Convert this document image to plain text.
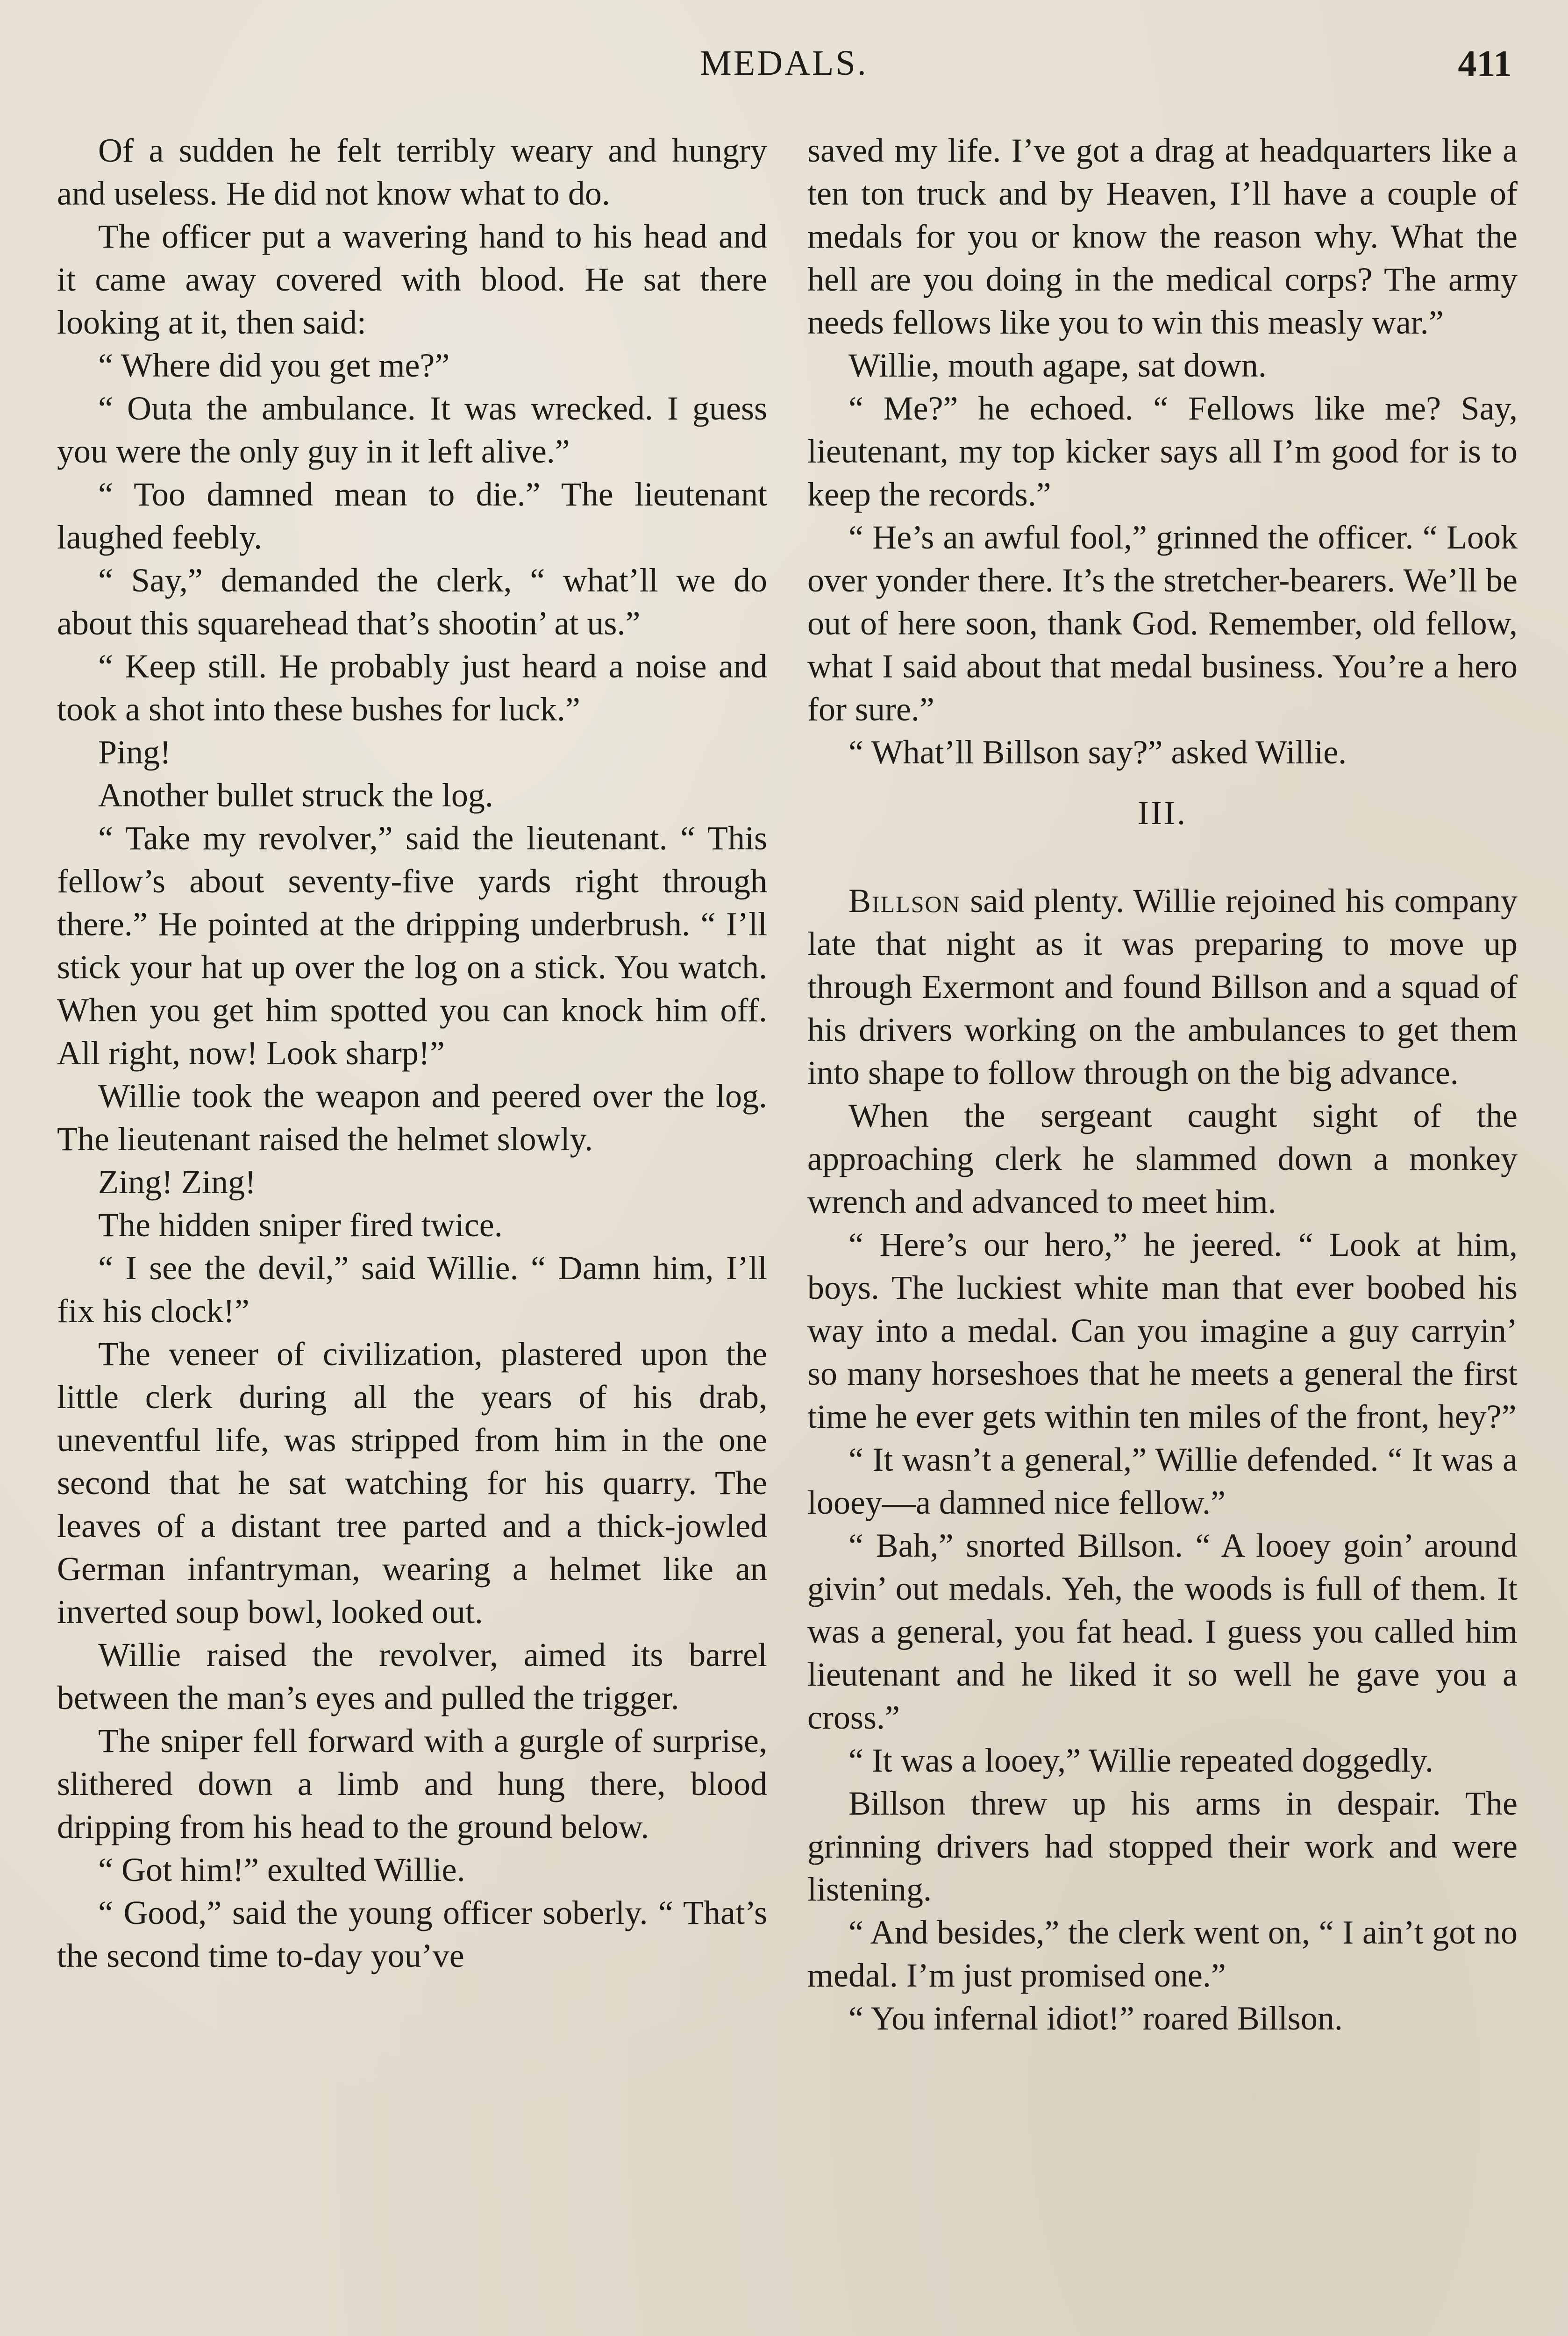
MEDALS.	411

Of a sudden he felt terribly weary and hungry and useless. He did not know what to do.

The officer put a wavering hand to his head and it came away covered with blood. He sat there looking at it, then said:

“ Where did you get me?”

“ Outa the ambulance. It was wrecked. I guess you were the only guy in it left alive.”

“ Too damned mean to die.” The lieutenant laughed feebly.

“ Say,” demanded the clerk, “ what’ll we do about this squarehead that’s shootin’ at us.”

“ Keep still. He probably just heard a noise and took a shot into these bushes for luck.”

Ping!

Another bullet struck the log.

“ Take my revolver,” said the lieutenant. “ This fellow’s about seventy-five yards right through there.” He pointed at the dripping underbrush. “ I’ll stick your hat up over the log on a stick. You watch. When you get him spotted you can knock him off. All right, now! Look sharp!”

Willie took the weapon and peered over the log. The lieutenant raised the helmet slowly.

Zing! Zing!

The hidden sniper fired twice.

“ I see the devil,” said Willie. “ Damn him, I’ll fix his clock!”

The veneer of civilization, plastered upon the little clerk during all the years of his drab, uneventful life, was stripped from him in the one second that he sat watching for his quarry. The leaves of a distant tree parted and a thick-jowled German infantryman, wearing a helmet like an inverted soup bowl, looked out.

Willie raised the revolver, aimed its barrel between the man’s eyes and pulled the trigger.

The sniper fell forward with a gurgle of surprise, slithered down a limb and hung there, blood dripping from his head to the ground below.

“ Got him!” exulted Willie.

“ Good,” said the young officer soberly. “ That’s the second time to-day you’ve

saved my life. I’ve got a drag at headquarters like a ten ton truck and by Heaven, I’ll have a couple of medals for you or know the reason why. What the hell are you doing in the medical corps? The army needs fellows like you to win this measly war.”

Willie, mouth agape, sat down.

“ Me?” he echoed. “ Fellows like me? Say, lieutenant, my top kicker says all I’m good for is to keep the records.”

“ He’s an awful fool,” grinned the officer. “ Look over yonder there. It’s the stretcher-bearers. We’ll be out of here soon, thank God. Remember, old fellow, what I said about that medal business. You’re a hero for sure.”

“ What’ll Billson say?” asked Willie.

III.

Billson said plenty. Willie rejoined his company late that night as it was preparing to move up through Exermont and found Billson and a squad of his drivers working on the ambulances to get them into shape to follow through on the big advance.

When the sergeant caught sight of the approaching clerk he slammed down a monkey wrench and advanced to meet him.

“ Here’s our hero,” he jeered. “ Look at him, boys. The luckiest white man that ever boobed his way into a medal. Can you imagine a guy carryin’ so many horseshoes that he meets a general the first time he ever gets within ten miles of the front, hey?”

“ It wasn’t a general,” Willie defended. “ It was a looey—a damned nice fellow.”

“ Bah,” snorted Billson. “ A looey goin’ around givin’ out medals. Yeh, the woods is full of them. It was a general, you fat head. I guess you called him lieutenant and he liked it so well he gave you a cross.”

“ It was a looey,” Willie repeated doggedly.

Billson threw up his arms in despair. The grinning drivers had stopped their work and were listening.

“ And besides,” the clerk went on, “ I ain’t got no medal. I’m just promised one.”

“ You infernal idiot!” roared Billson.
